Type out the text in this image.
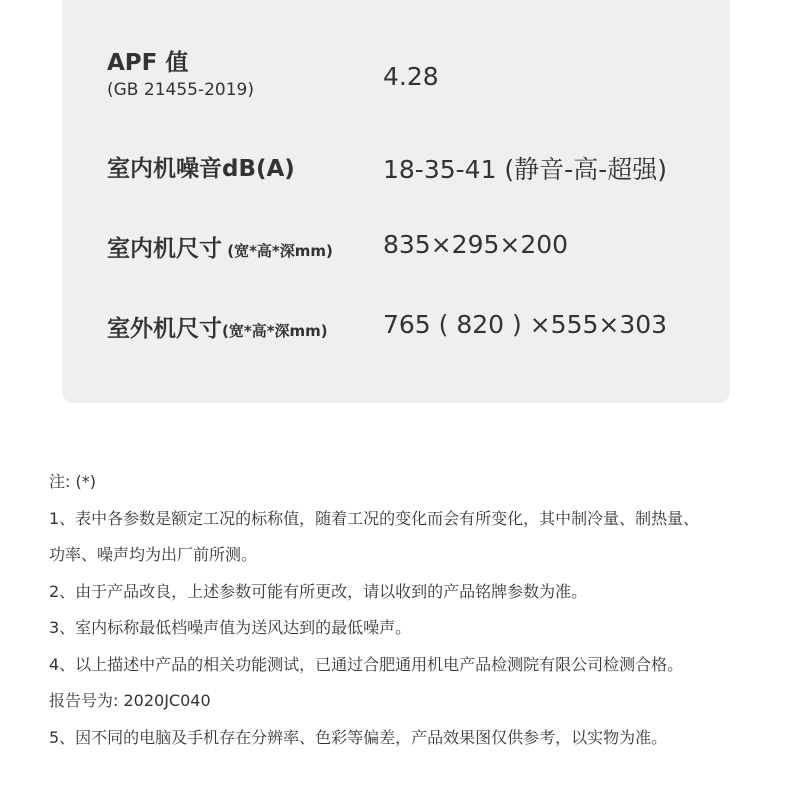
APF 值
(GB 21455-2019)	4.28
室内机噪音dB(A)	18-35-41 (静音-高-超强)
室内机尺寸 (宽*高*深mm) 835×295×200
室外机尺寸(宽*高*深mm) 765 ( 820 ) ×555×303
注: (*)
1、表中各参数是额定工况的标称值，随着工况的变化而会有所变化，其中制冷量、制热量、
功率、噪声均为出厂前所测。
2、由于产品改良，上述参数可能有所更改，请以收到的产品铭牌参数为准。
3、室内标称最低档噪声值为送风达到的最低噪声。
4、以上描述中产品的相关功能测试，已通过合肥通用机电产品检测院有限公司检测合格。
报告号为: 2020JC040
5、因不同的电脑及手机存在分辨率、色彩等偏差，产品效果图仅供参考，以实物为准。
